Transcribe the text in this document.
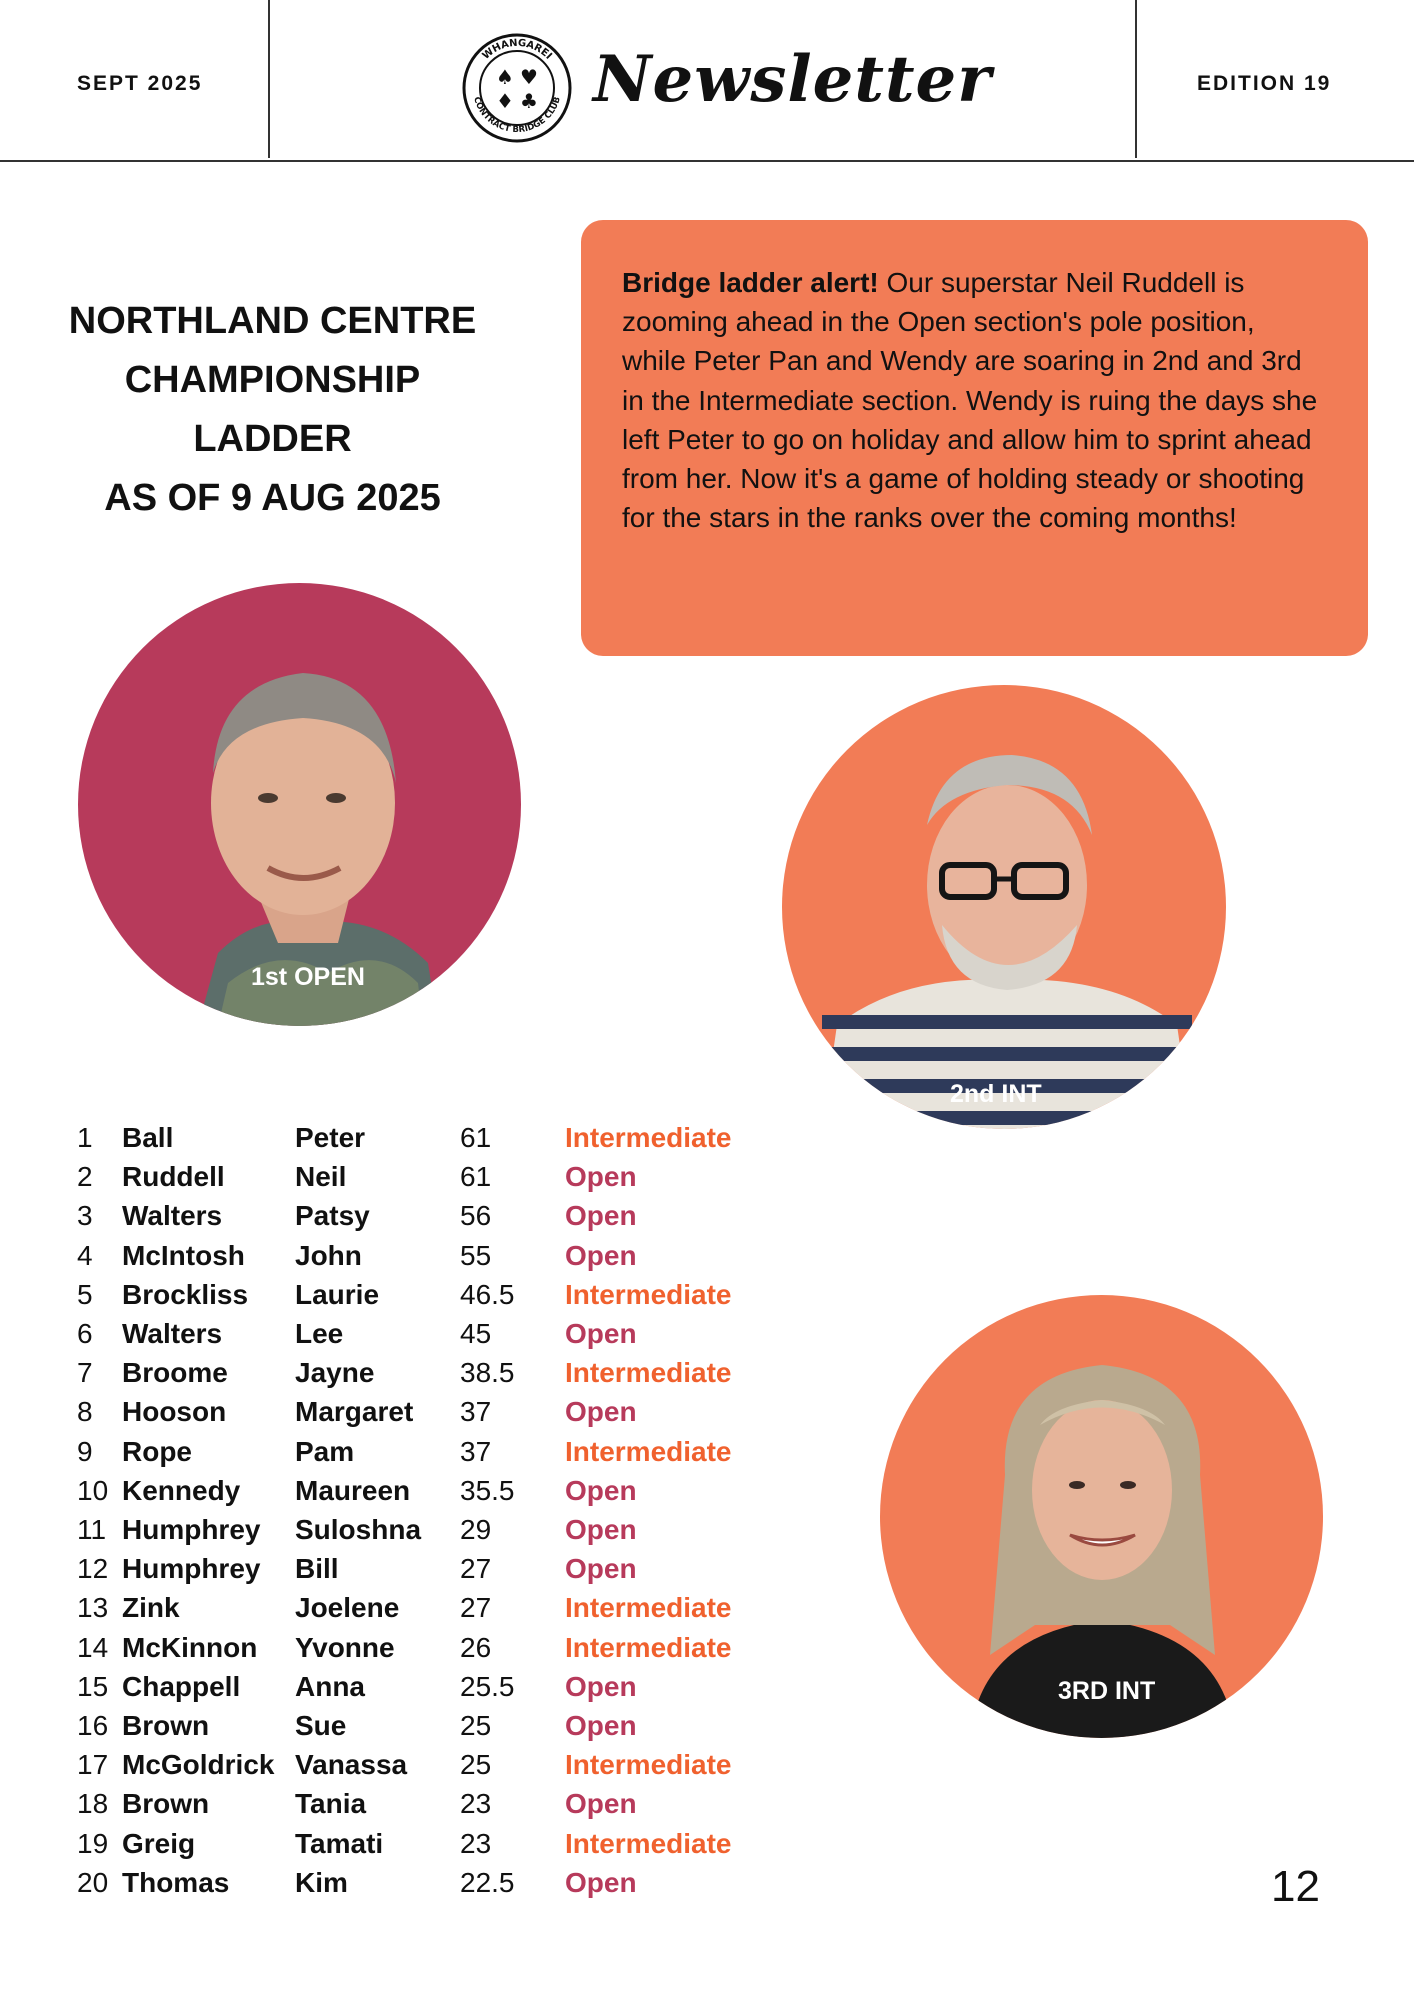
SEPT 2025
WHANGAREI
CONTRACT BRIDGE CLUB
♠ ♥
♦ ♣ Newsletter	EDITION 19
NORTHLAND CENTRE
CHAMPIONSHIP
LADDER
AS OF 9 AUG 2025
Bridge ladder alert! Our superstar Neil Ruddell is zooming ahead in the Open section's pole position, while Peter Pan and Wendy are soaring in 2nd and 3rd in the Intermediate section. Wendy is ruing the days she left Peter to go on holiday and allow him to sprint ahead from her. Now it's a game of holding steady or shooting for the stars in the ranks over the coming months!
1st OPEN
2nd INT
3RD INT
1 Ball	Peter	61	Intermediate
2 Ruddell	Neil	61	Open
3 Walters	Patsy	56	Open
4 McIntosh John	55	Open
5 Brockliss Laurie	46.5 Intermediate
6 Walters	Lee	45	Open
7 Broome Jayne	38.5 Intermediate
8 Hooson Margaret 37	Open
9 Rope	Pam	37	Intermediate
10 Kennedy Maureen 35.5 Open
11 Humphrey Suloshna 29	Open
12 Humphrey Bill	27	Open
13 Zink	Joelene 27	Intermediate
14 McKinnon Yvonne 26	Intermediate
15 Chappell Anna	25.5 Open
16 Brown	Sue	25	Open
17 McGoldrick Vanassa 25	Intermediate
18 Brown	Tania	23	Open
19 Greig	Tamati	23	Intermediate
20 Thomas Kim	22.5 Open	12
